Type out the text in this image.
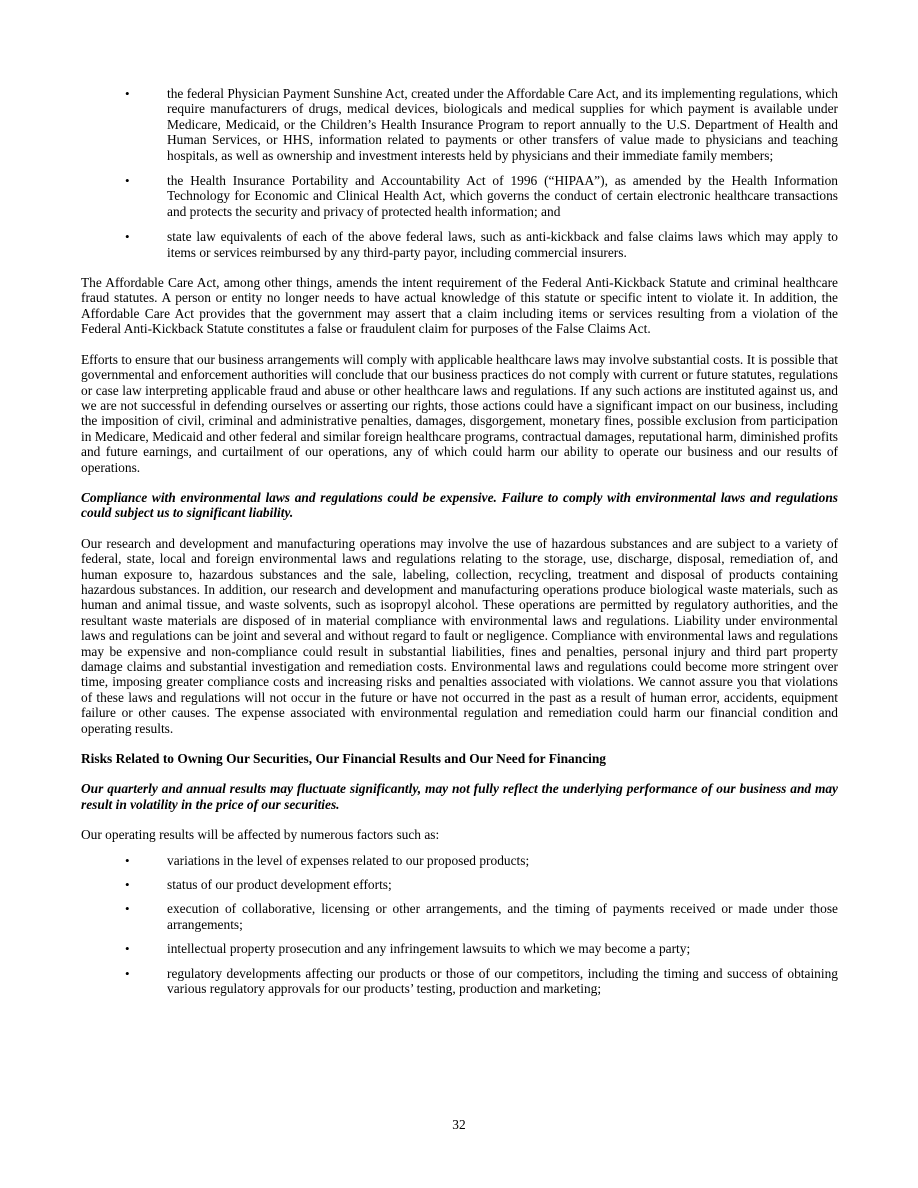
•	the federal Physician Payment Sunshine Act, created under the Affordable Care Act, and its implementing regulations, which require manufacturers of drugs, medical devices, biologicals and medical supplies for which payment is available under Medicare, Medicaid, or the Children’s Health Insurance Program to report annually to the U.S. Department of Health and Human Services, or HHS, information related to payments or other transfers of value made to physicians and teaching hospitals, as well as ownership and investment interests held by physicians and their immediate family members;
•	the Health Insurance Portability and Accountability Act of 1996 (“HIPAA”), as amended by the Health Information Technology for Economic and Clinical Health Act, which governs the conduct of certain electronic healthcare transactions and protects the security and privacy of protected health information; and
•	state law equivalents of each of the above federal laws, such as anti-kickback and false claims laws which may apply to items or services reimbursed by any third-party payor, including commercial insurers.

The Affordable Care Act, among other things, amends the intent requirement of the Federal Anti-Kickback Statute and criminal healthcare fraud statutes. A person or entity no longer needs to have actual knowledge of this statute or specific intent to violate it. In addition, the Affordable Care Act provides that the government may assert that a claim including items or services resulting from a violation of the Federal Anti-Kickback Statute constitutes a false or fraudulent claim for purposes of the False Claims Act.

Efforts to ensure that our business arrangements will comply with applicable healthcare laws may involve substantial costs. It is possible that governmental and enforcement authorities will conclude that our business practices do not comply with current or future statutes, regulations or case law interpreting applicable fraud and abuse or other healthcare laws and regulations. If any such actions are instituted against us, and we are not successful in defending ourselves or asserting our rights, those actions could have a significant impact on our business, including the imposition of civil, criminal and administrative penalties, damages, disgorgement, monetary fines, possible exclusion from participation in Medicare, Medicaid and other federal and similar foreign healthcare programs, contractual damages, reputational harm, diminished profits and future earnings, and curtailment of our operations, any of which could harm our ability to operate our business and our results of operations.

Compliance with environmental laws and regulations could be expensive. Failure to comply with environmental laws and regulations could subject us to significant liability.

Our research and development and manufacturing operations may involve the use of hazardous substances and are subject to a variety of federal, state, local and foreign environmental laws and regulations relating to the storage, use, discharge, disposal, remediation of, and human exposure to, hazardous substances and the sale, labeling, collection, recycling, treatment and disposal of products containing hazardous substances. In addition, our research and development and manufacturing operations produce biological waste materials, such as human and animal tissue, and waste solvents, such as isopropyl alcohol. These operations are permitted by regulatory authorities, and the resultant waste materials are disposed of in material compliance with environmental laws and regulations. Liability under environmental laws and regulations can be joint and several and without regard to fault or negligence. Compliance with environmental laws and regulations may be expensive and non-compliance could result in substantial liabilities, fines and penalties, personal injury and third part property damage claims and substantial investigation and remediation costs. Environmental laws and regulations could become more stringent over time, imposing greater compliance costs and increasing risks and penalties associated with violations. We cannot assure you that violations of these laws and regulations will not occur in the future or have not occurred in the past as a result of human error, accidents, equipment failure or other causes. The expense associated with environmental regulation and remediation could harm our financial condition and operating results.

Risks Related to Owning Our Securities, Our Financial Results and Our Need for Financing
Our quarterly and annual results may fluctuate significantly, may not fully reflect the underlying performance of our business and may result in volatility in the price of our securities.

Our operating results will be affected by numerous factors such as:

•	variations in the level of expenses related to our proposed products;
•	status of our product development efforts;
•	execution of collaborative, licensing or other arrangements, and the timing of payments received or made under those arrangements;
•	intellectual property prosecution and any infringement lawsuits to which we may become a party;
•	regulatory developments affecting our products or those of our competitors, including the timing and success of obtaining various regulatory approvals for our products’ testing, production and marketing;
32
